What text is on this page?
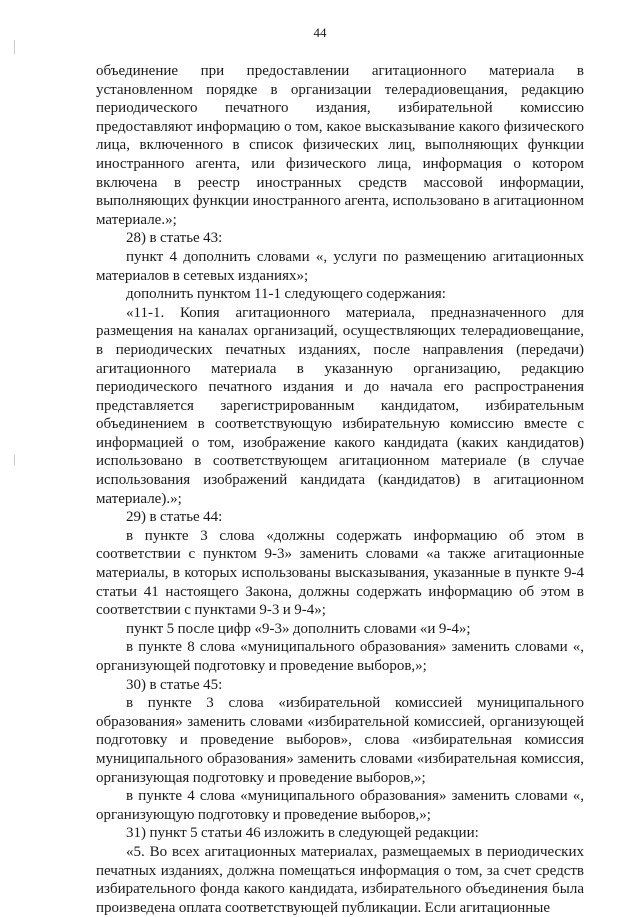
44

объединение при предоставлении агитационного материала в установленном порядке в организации телерадиовещания, редакцию периодического печатного издания, избирательной комиссию предоставляют информацию о том, какое высказывание какого физического лица, включенного в список физических лиц, выполняющих функции иностранного агента, или физического лица, информация о котором включена в реестр иностранных средств массовой информации, выполняющих функции иностранного агента, использовано в агитационном материале.»;

28) в статье 43:

пункт 4 дополнить словами «, услуги по размещению агитационных материалов в сетевых изданиях»;

дополнить пунктом 11-1 следующего содержания:

«11-1. Копия агитационного материала, предназначенного для размещения на каналах организаций, осуществляющих телерадиовещание, в периодических печатных изданиях, после направления (передачи) агитационного материала в указанную организацию, редакцию периодического печатного издания и до начала его распространения представляется зарегистрированным кандидатом, избирательным объединением в соответствующую избирательную комиссию вместе с информацией о том, изображение какого кандидата (каких кандидатов) использовано в соответствующем агитационном материале (в случае использования изображений кандидата (кандидатов) в агитационном материале).»;

29) в статье 44:

в пункте 3 слова «должны содержать информацию об этом в соответствии с пунктом 9-3» заменить словами «а также агитационные материалы, в которых использованы высказывания, указанные в пункте 9-4 статьи 41 настоящего Закона, должны содержать информацию об этом в соответствии с пунктами 9-3 и 9-4»;

пункт 5 после цифр «9-3» дополнить словами «и 9-4»;

в пункте 8 слова «муниципального образования» заменить словами «, организующей подготовку и проведение выборов,»;

30) в статье 45:

в пункте 3 слова «избирательной комиссией муниципального образования» заменить словами «избирательной комиссией, организующей подготовку и проведение выборов», слова «избирательная комиссия муниципального образования» заменить словами «избирательная комиссия, организующая подготовку и проведение выборов,»;

в пункте 4 слова «муниципального образования» заменить словами «, организующую подготовку и проведение выборов,»;

31) пункт 5 статьи 46 изложить в следующей редакции:

«5. Во всех агитационных материалах, размещаемых в периодических печатных изданиях, должна помещаться информация о том, за счет средств избирательного фонда какого кандидата, избирательного объединения была произведена оплата соответствующей публикации. Если агитационные
